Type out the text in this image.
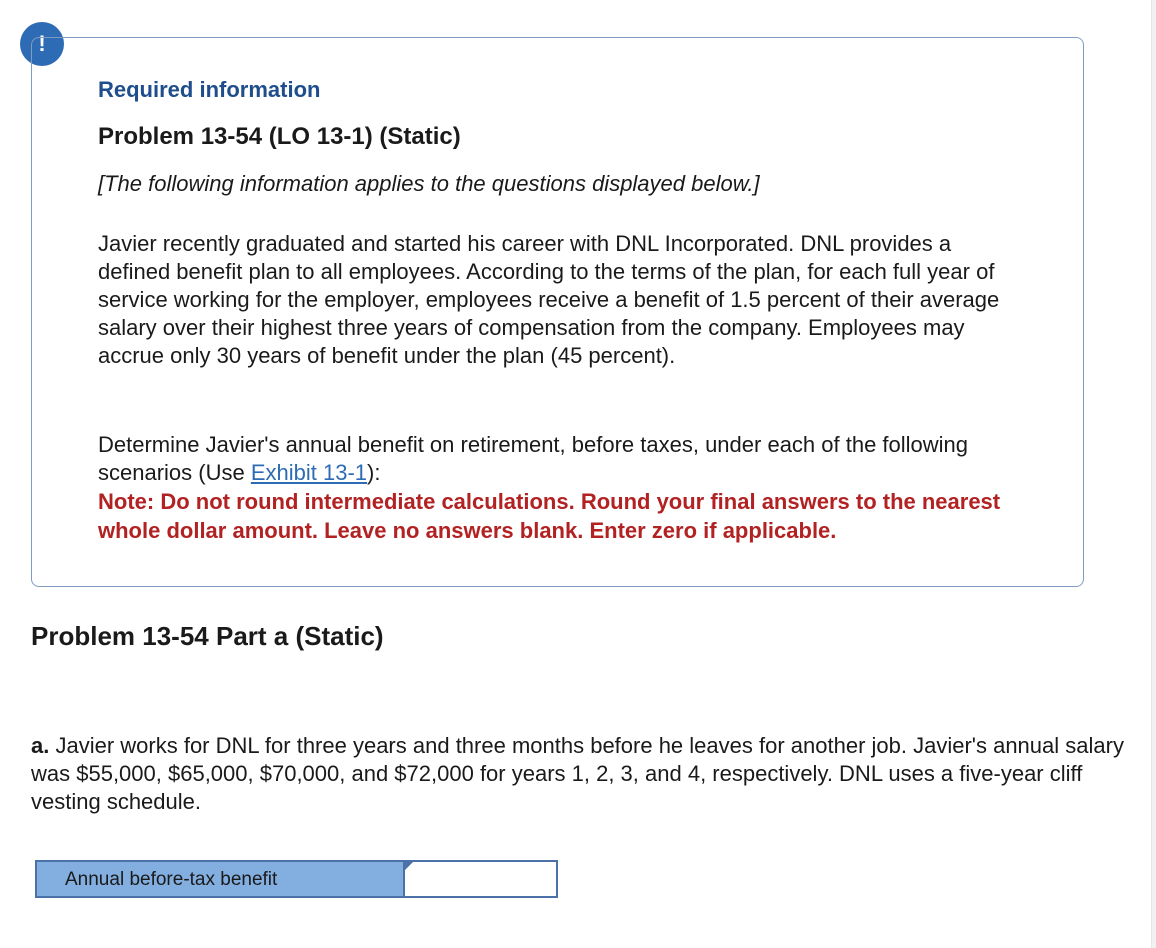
!
Required information
Problem 13-54 (LO 13-1) (Static)
[The following information applies to the questions displayed below.]
Javier recently graduated and started his career with DNL Incorporated. DNL provides a defined benefit plan to all employees. According to the terms of the plan, for each full year of service working for the employer, employees receive a benefit of 1.5 percent of their average salary over their highest three years of compensation from the company. Employees may accrue only 30 years of benefit under the plan (45 percent).
Determine Javier's annual benefit on retirement, before taxes, under each of the following scenarios (Use Exhibit 13-1):
Note: Do not round intermediate calculations. Round your final answers to the nearest whole dollar amount. Leave no answers blank. Enter zero if applicable.
Problem 13-54 Part a (Static)
a. Javier works for DNL for three years and three months before he leaves for another job. Javier's annual salary was $55,000, $65,000, $70,000, and $72,000 for years 1, 2, 3, and 4, respectively. DNL uses a five-year cliff vesting schedule.
Annual before-tax benefit
